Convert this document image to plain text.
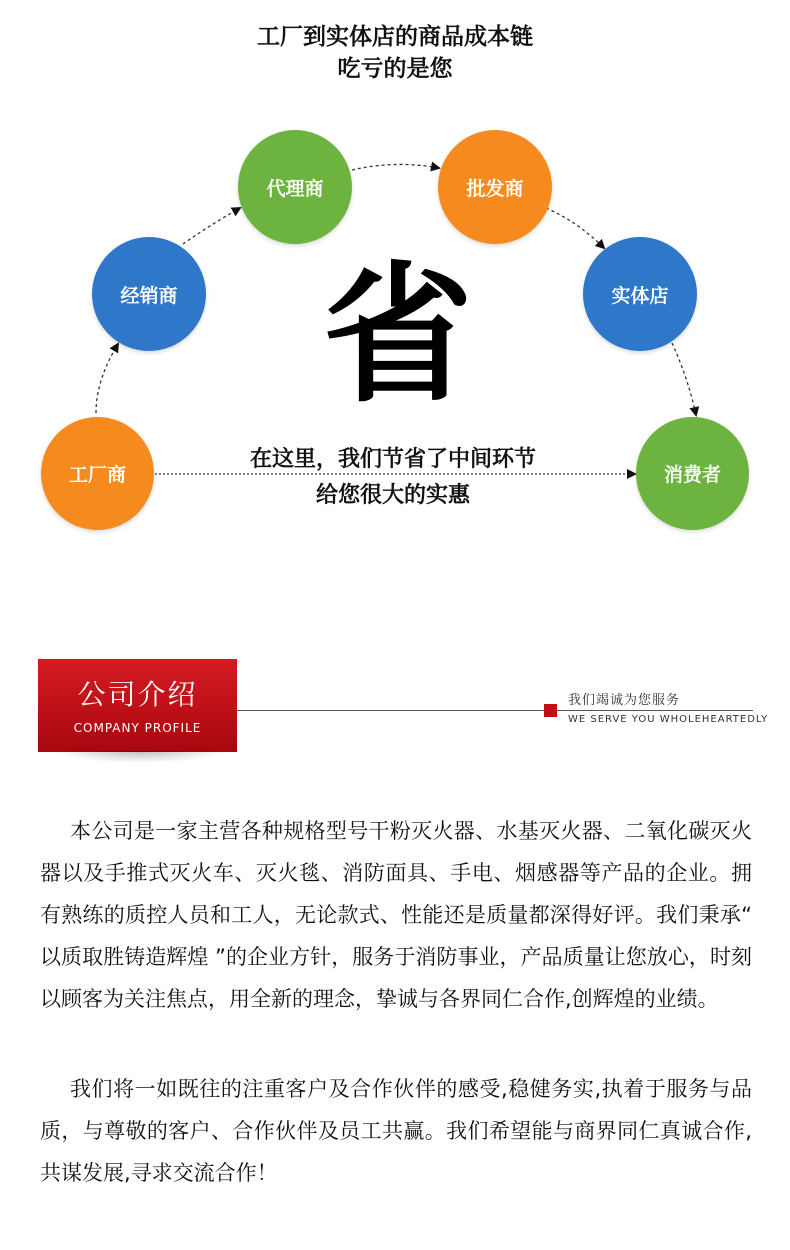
工厂到实体店的商品成本链
吃亏的是您
工厂商
经销商
代理商	批发商
实体店
消费者
省
在这里，我们节省了中间环节
给您很大的实惠
公司介绍
COMPANY PROFILE
我们竭诚为您服务
WE SERVE YOU WHOLEHEARTEDLY
本公司是一家主营各种规格型号干粉灭火器、水基灭火器、二氧化碳灭火器以及手推式灭火车、灭火毯、消防面具、手电、烟感器等产品的企业。拥有熟练的质控人员和工人，无论款式、性能还是质量都深得好评。我们秉承“ 以质取胜铸造辉煌 ”的企业方针，服务于消防事业，产品质量让您放心，时刻以顾客为关注焦点，用全新的理念，挚诚与各界同仁合作,创辉煌的业绩。
我们将一如既往的注重客户及合作伙伴的感受,稳健务实,执着于服务与品质，与尊敬的客户、合作伙伴及员工共赢。我们希望能与商界同仁真诚合作,共谋发展,寻求交流合作！
